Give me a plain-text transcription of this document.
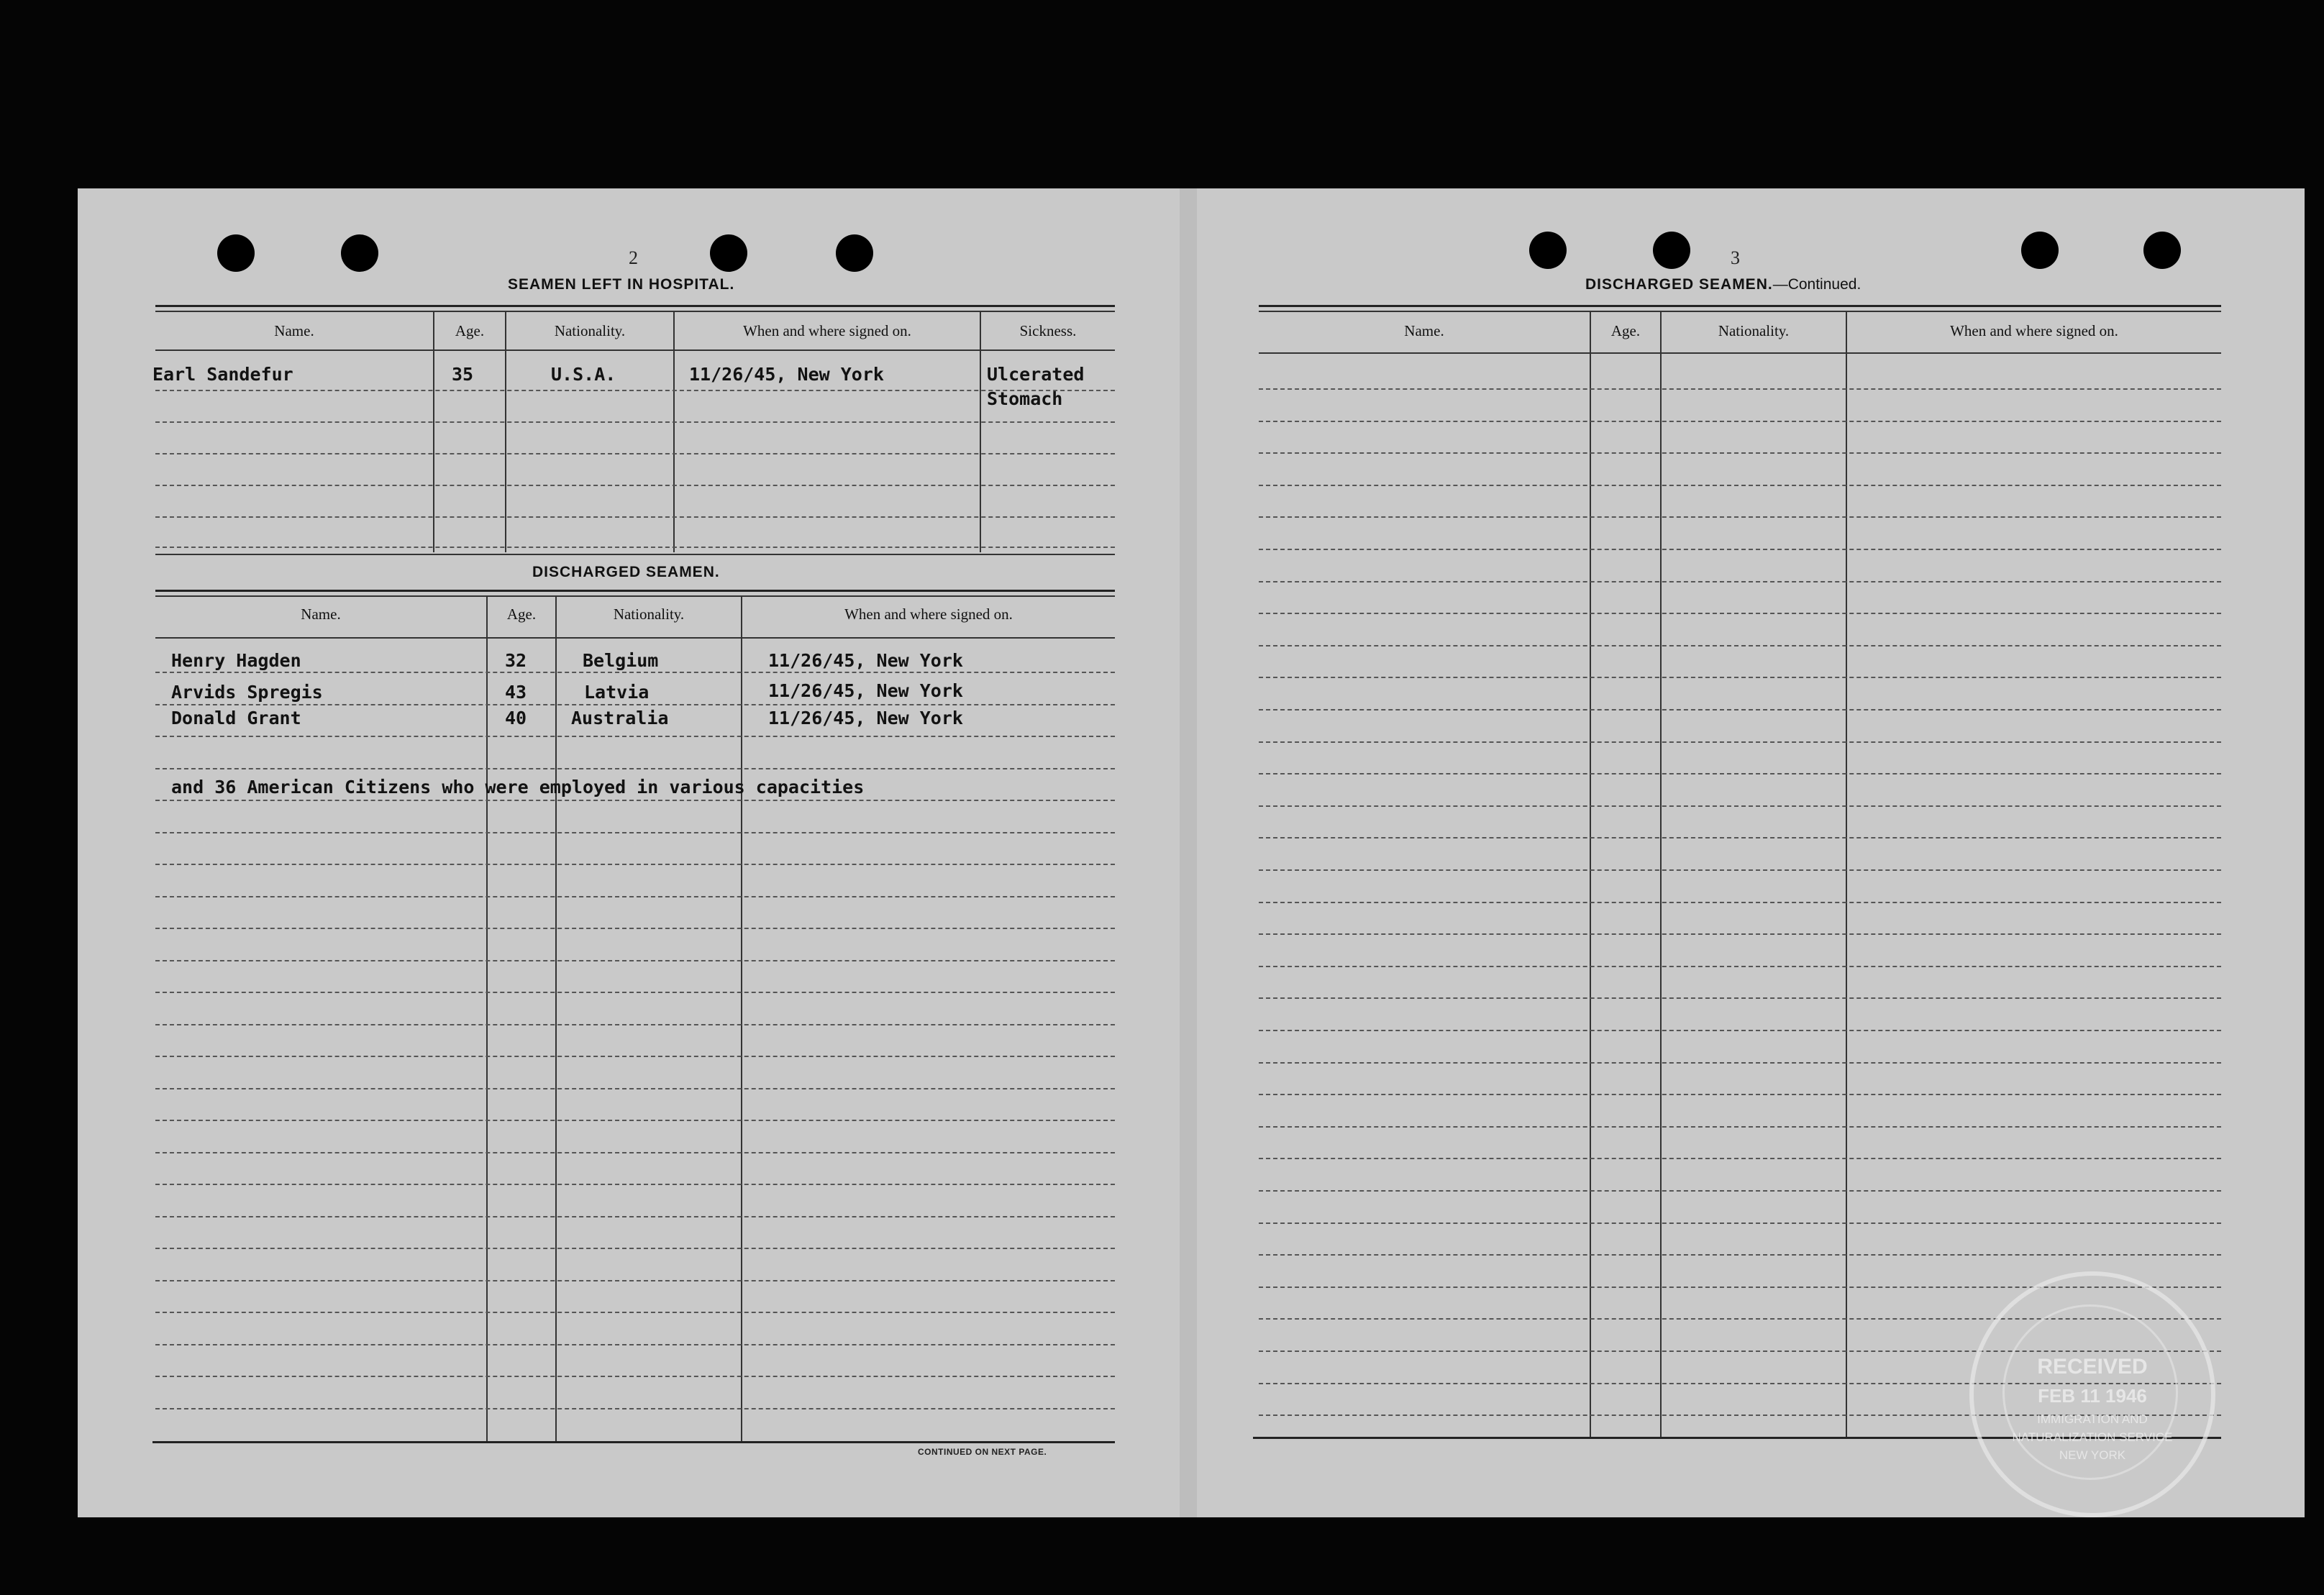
2
SEAMEN LEFT IN HOSPITAL.
Name.	Age.	Nationality.	When and where signed on.	Sickness.
Earl Sandefur	35	U.S.A.	11/26/45, New York	Ulcerated
Stomach
DISCHARGED SEAMEN.
Name.	Age.	Nationality.	When and where signed on.
Henry Hagden	32	Belgium	11/26/45, New York
Arvids Spregis	43	Latvia	11/26/45, New York
Donald Grant	40 Australia	11/26/45, New York
and 36 American Citizens who were employed in various capacities
CONTINUED ON NEXT PAGE.
3
DISCHARGED SEAMEN.—Continued.
Name.	Age.	Nationality.	When and where signed on.
RECEIVED
FEB 11 1946
IMMIGRATION AND
NATURALIZATION SERVICE
NEW YORK
